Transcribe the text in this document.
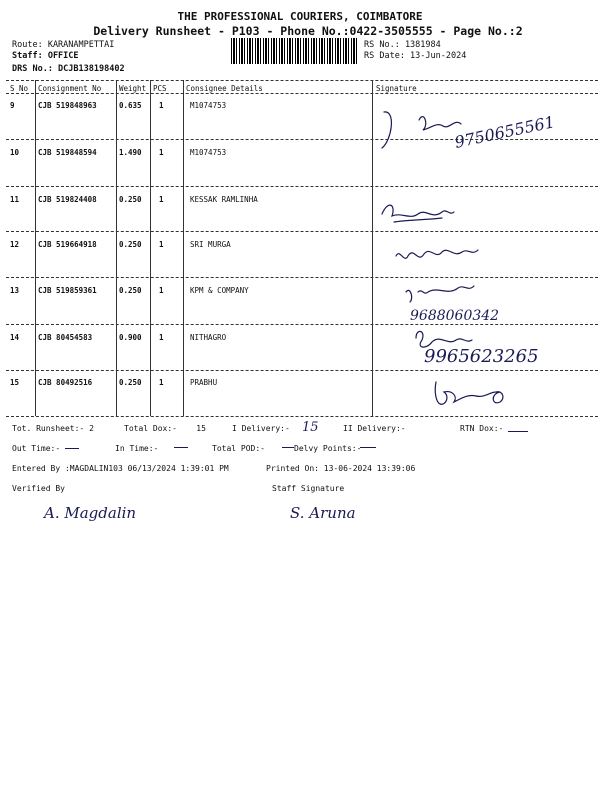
THE PROFESSIONAL COURIERS, COIMBATORE
Delivery Runsheet - P103 - Phone No.:0422-3505555 - Page No.:2
Route: KARANAMPETTAI
Staff: OFFICE
DRS No.: DCJB138198402
RS No.: 1381984
RS Date: 13-Jun-2024
S No Consignment No Weight PCS	Consignee Details	Signature
9	CJB 519848963	0.635 1	M1074753
10	CJB 519848594	1.490 1	M1074753
11	CJB 519824408	0.250 1	KESSAK RAMLINHA
12	CJB 519664918	0.250 1	SRI MURGA
13	CJB 519859361	0.250 1	KPM & COMPANY
14	CJB 80454583	0.900 1	NITHAGRO
15	CJB 80492516	0.250 1	PRABHU
9750655561
9688060342
9965623265
Tot. Runsheet:- 2	Total Dox:-    15	I Delivery:- 15	II Delivery:-	RTN Dox:-
Out Time:-	In Time:-	Total POD:-	Delvy Points:-
Entered By :MAGDALIN103 06/13/2024 1:39:01 PM	Printed On: 13-06-2024 13:39:06
Verified By	Staff Signature
A. Magdalin	S. Aruna
